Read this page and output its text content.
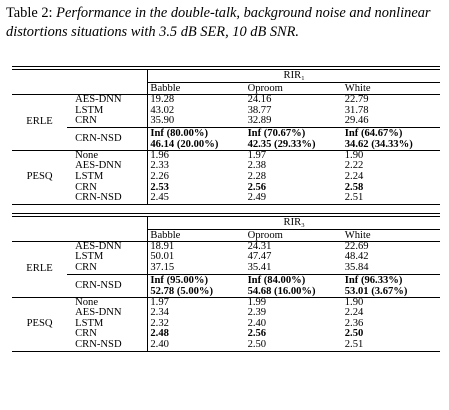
Table 2: Performance in the double-talk, background noise and nonlinear distortions situations with 3.5 dB SER, 10 dB SNR.

		RIR₁		
		Babble	Oproom	White
ERLE	AES-DNN	19.28	24.16	22.79
	LSTM	43.02	38.77	31.78
	CRN	35.90	32.89	29.46
	CRN-NSD	Inf (80.00%)	Inf (70.67%)	Inf (64.67%)
		46.14 (20.00%)	42.35 (29.33%)	34.62 (34.33%)
PESQ	None	1.96	1.97	1.90
	AES-DNN	2.33	2.38	2.22
	LSTM	2.26	2.28	2.24
	CRN	2.53	2.56	2.58
	CRN-NSD	2.45	2.49	2.51

		RIR₃		
		Babble	Oproom	White
ERLE	AES-DNN	18.91	24.31	22.69
	LSTM	50.01	47.47	48.42
	CRN	37.15	35.41	35.84
	CRN-NSD	Inf (95.00%)	Inf (84.00%)	Inf (96.33%)
		52.78 (5.00%)	54.68 (16.00%)	53.01 (3.67%)
PESQ	None	1.97	1.99	1.90
	AES-DNN	2.34	2.39	2.24
	LSTM	2.32	2.40	2.36
	CRN	2.48	2.56	2.50
	CRN-NSD	2.40	2.50	2.51
